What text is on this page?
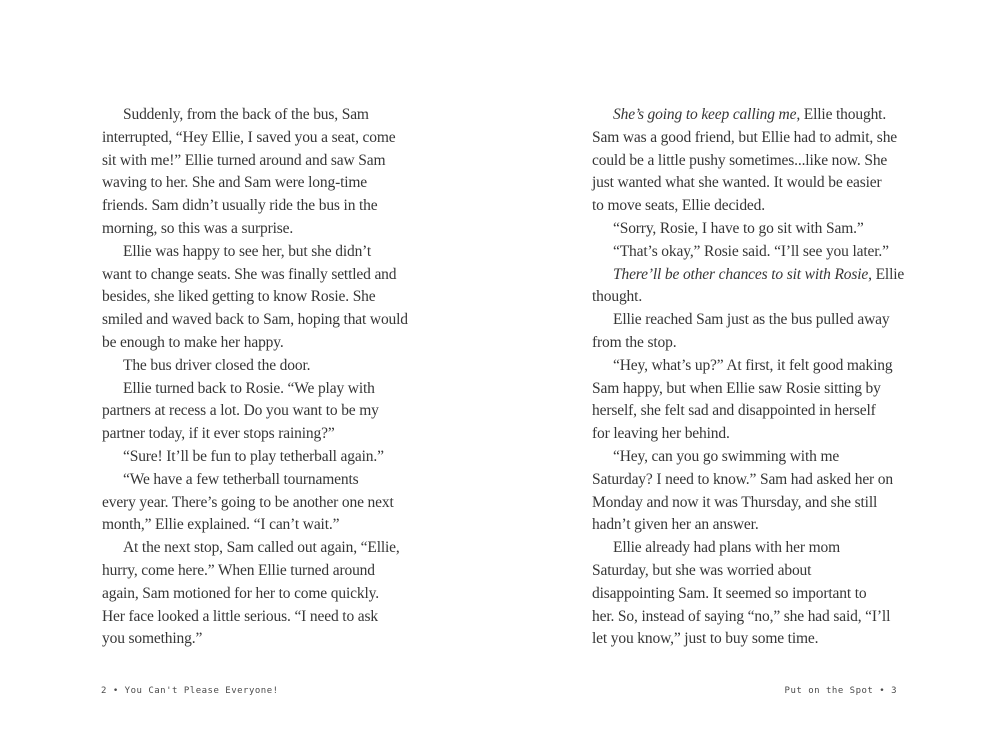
Suddenly, from the back of the bus, Sam
interrupted, “Hey Ellie, I saved you a seat, come
sit with me!” Ellie turned around and saw Sam
waving to her. She and Sam were long-time
friends. Sam didn’t usually ride the bus in the
morning, so this was a surprise.
Ellie was happy to see her, but she didn’t
want to change seats. She was finally settled and
besides, she liked getting to know Rosie. She
smiled and waved back to Sam, hoping that would
be enough to make her happy.
The bus driver closed the door.
Ellie turned back to Rosie. “We play with
partners at recess a lot. Do you want to be my
partner today, if it ever stops raining?”
“Sure! It’ll be fun to play tetherball again.”
“We have a few tetherball tournaments
every year. There’s going to be another one next
month,” Ellie explained. “I can’t wait.”
At the next stop, Sam called out again, “Ellie,
hurry, come here.” When Ellie turned around
again, Sam motioned for her to come quickly.
Her face looked a little serious. “I need to ask
you something.”
2 • You Can't Please Everyone!
She’s going to keep calling me, Ellie thought.
Sam was a good friend, but Ellie had to admit, she
could be a little pushy sometimes...like now. She
just wanted what she wanted. It would be easier
to move seats, Ellie decided.
“Sorry, Rosie, I have to go sit with Sam.”
“That’s okay,” Rosie said. “I’ll see you later.”
There’ll be other chances to sit with Rosie, Ellie
thought.
Ellie reached Sam just as the bus pulled away
from the stop.
“Hey, what’s up?” At first, it felt good making
Sam happy, but when Ellie saw Rosie sitting by
herself, she felt sad and disappointed in herself
for leaving her behind.
“Hey, can you go swimming with me
Saturday? I need to know.” Sam had asked her on
Monday and now it was Thursday, and she still
hadn’t given her an answer.
Ellie already had plans with her mom
Saturday, but she was worried about
disappointing Sam. It seemed so important to
her. So, instead of saying “no,” she had said, “I’ll
let you know,” just to buy some time.
Put on the Spot • 3
